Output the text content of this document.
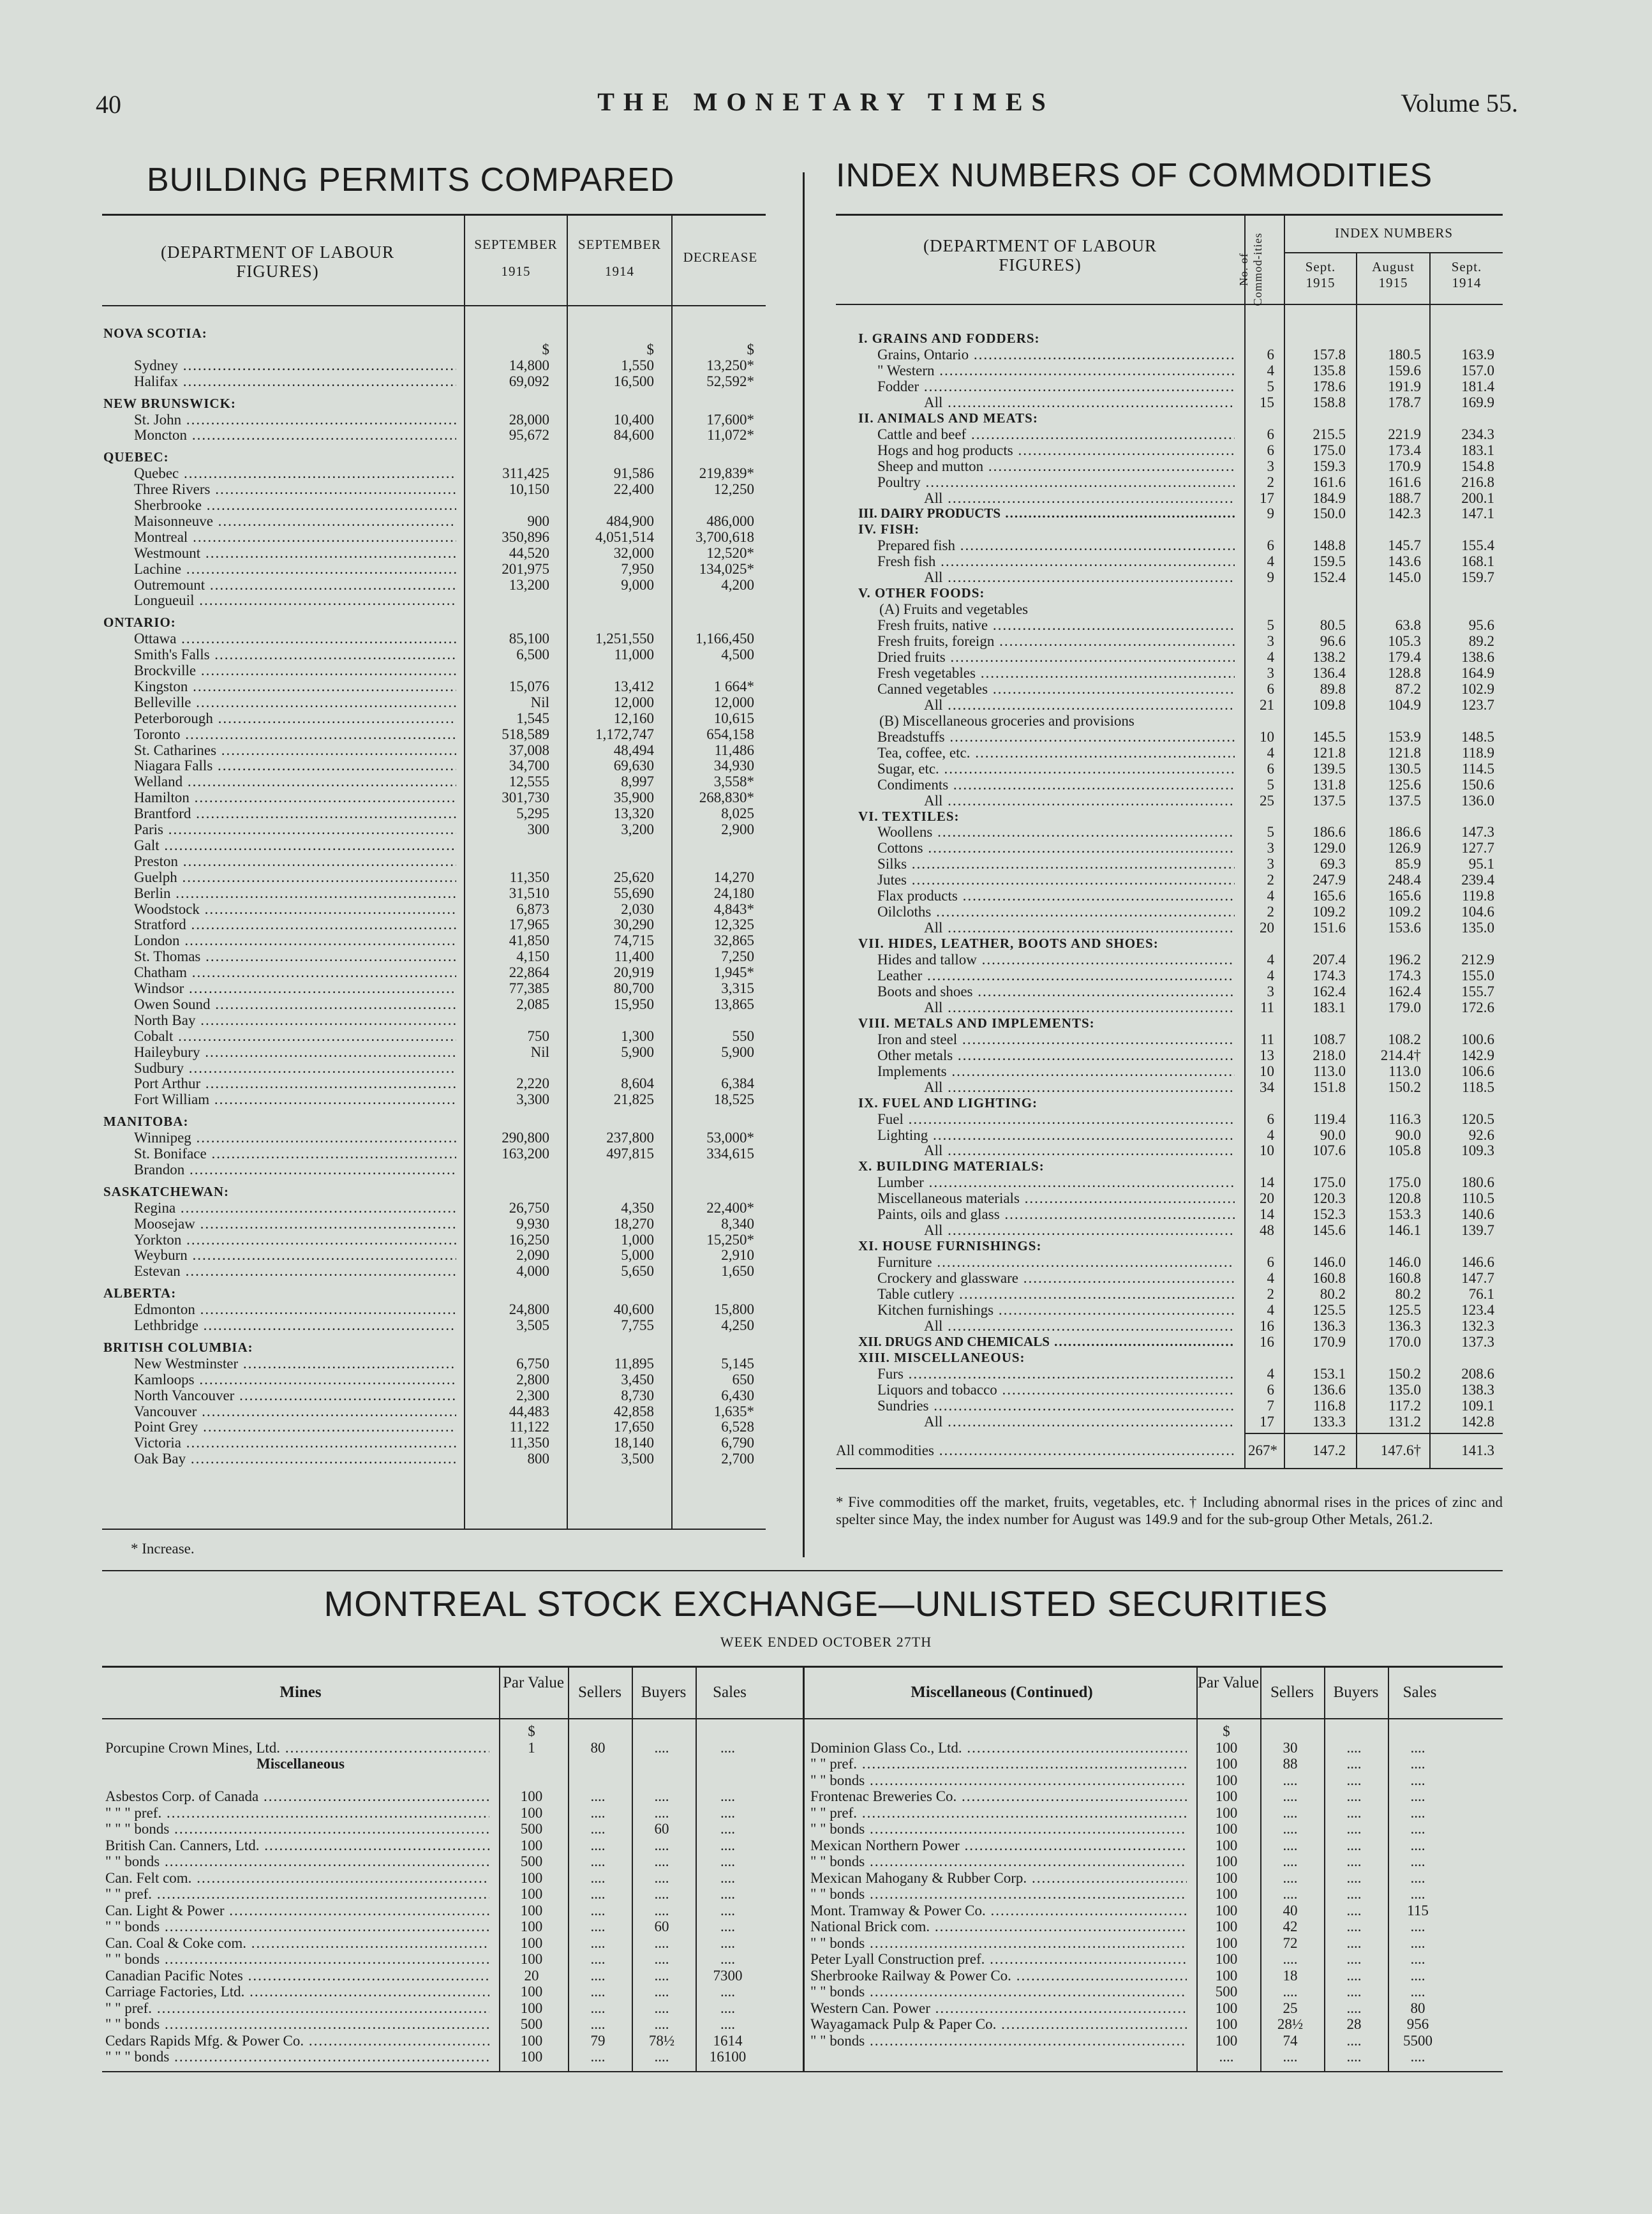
40	THE MONETARY TIMES	Volume 55.
BUILDING PERMITS COMPARED	INDEX NUMBERS OF COMMODITIES
(DEPARTMENT OF LABOUR FIGURES)
SEPTEMBER
1915
SEPTEMBER
1914
DECREASE
NOVA SCOTIA:
$	$	$
Sydney .....	14,800	1,550	13,250*
Halifax .....	69,092	16,500	52,592*
NEW BRUNSWICK:
St. John .....	28,000	10,400	17,600*
Moncton .....	95,672	84,600	11,072*
QUEBEC:
Quebec .....	311,425	91,586	219,839*
Three Rivers .....	10,150	22,400	12,250
Sherbrooke .....
Maisonneuve .....	900	484,900	486,000
Montreal .....	350,896	4,051,514	3,700,618
Westmount .....	44,520	32,000	12,520*
Lachine .....	201,975	7,950	134,025*
Outremount .....	13,200	9,000	4,200
Longueuil .....
ONTARIO:
Ottawa .....	85,100	1,251,550	1,166,450
Smith's Falls .....	6,500	11,000	4,500
Brockville .....
Kingston .....	15,076	13,412	1 664*
Belleville .....	Nil	12,000	12,000
Peterborough .....	1,545	12,160	10,615
Toronto .....	518,589	1,172,747	654,158
St. Catharines .....	37,008	48,494	11,486
Niagara Falls .....	34,700	69,630	34,930
Welland .....	12,555	8,997	3,558*
Hamilton .....	301,730	35,900	268,830*
Brantford .....	5,295	13,320	8,025
Paris .....	300	3,200	2,900
Galt .....
Preston .....
Guelph .....	11,350	25,620	14,270
Berlin .....	31,510	55,690	24,180
Woodstock .....	6,873	2,030	4,843*
Stratford .....	17,965	30,290	12,325
London .....	41,850	74,715	32,865
St. Thomas .....	4,150	11,400	7,250
Chatham .....	22,864	20,919	1,945*
Windsor .....	77,385	80,700	3,315
Owen Sound .....	2,085	15,950	13,865
North Bay .....
Cobalt .....	750	1,300	550
Haileybury .....	Nil	5,900	5,900
Sudbury .....
Port Arthur .....	2,220	8,604	6,384
Fort William .....	3,300	21,825	18,525
MANITOBA:
Winnipeg .....	290,800	237,800	53,000*
St. Boniface .....	163,200	497,815	334,615
Brandon .....
SASKATCHEWAN:
Regina .....	26,750	4,350	22,400*
Moosejaw .....	9,930	18,270	8,340
Yorkton .....	16,250	1,000	15,250*
Weyburn .....	2,090	5,000	2,910
Estevan .....	4,000	5,650	1,650
ALBERTA:
Edmonton .....	24,800	40,600	15,800
Lethbridge .....	3,505	7,755	4,250
BRITISH COLUMBIA:
New Westminster .....	6,750	11,895	5,145
Kamloops .....	2,800	3,450	650
North Vancouver .....	2,300	8,730	6,430
Vancouver .....	44,483	42,858	1,635*
Point Grey .....	11,122	17,650	6,528
Victoria .....	11,350	18,140	6,790
Oak Bay .....	800	3,500	2,700
* Increase.
(DEPARTMENT OF LABOUR FIGURES)	No. of Commod-ities	INDEX NUMBERS
Sept.
1915
August
1915
Sept.
1914
I. GRAINS AND FODDERS:
Grains, Ontario .....	6	157.8	180.5	163.9
" Western .....	4	135.8	159.6	157.0
Fodder .....	5	178.6	191.9	181.4
All .....	15	158.8	178.7	169.9
II. ANIMALS AND MEATS:
Cattle and beef .....	6	215.5	221.9	234.3
Hogs and hog products .....	6	175.0	173.4	183.1
Sheep and mutton .....	3	159.3	170.9	154.8
Poultry .....	2	161.6	161.6	216.8
All .....	17	184.9	188.7	200.1
III. DAIRY PRODUCTS .....	9	150.0	142.3	147.1
IV. FISH:
Prepared fish .....	6	148.8	145.7	155.4
Fresh fish .....	4	159.5	143.6	168.1
All .....	9	152.4	145.0	159.7
V. OTHER FOODS:
(A) Fruits and vegetables
Fresh fruits, native .....	5	80.5	63.8	95.6
Fresh fruits, foreign .....	3	96.6	105.3	89.2
Dried fruits .....	4	138.2	179.4	138.6
Fresh vegetables .....	3	136.4	128.8	164.9
Canned vegetables .....	6	89.8	87.2	102.9
All .....	21	109.8	104.9	123.7
(B) Miscellaneous groceries and provisions
Breadstuffs .....	10	145.5	153.9	148.5
Tea, coffee, etc. .....	4	121.8	121.8	118.9
Sugar, etc. .....	6	139.5	130.5	114.5
Condiments .....	5	131.8	125.6	150.6
All .....	25	137.5	137.5	136.0
VI. TEXTILES:
Woollens .....	5	186.6	186.6	147.3
Cottons .....	3	129.0	126.9	127.7
Silks .....	3	69.3	85.9	95.1
Jutes .....	2	247.9	248.4	239.4
Flax products .....	4	165.6	165.6	119.8
Oilcloths .....	2	109.2	109.2	104.6
All .....	20	151.6	153.6	135.0
VII. HIDES, LEATHER, BOOTS AND SHOES:
Hides and tallow .....	4	207.4	196.2	212.9
Leather .....	4	174.3	174.3	155.0
Boots and shoes .....	3	162.4	162.4	155.7
All .....	11	183.1	179.0	172.6
VIII. METALS AND IMPLEMENTS:
Iron and steel .....	11	108.7	108.2	100.6
Other metals .....	13	218.0	214.4†	142.9
Implements .....	10	113.0	113.0	106.6
All .....	34	151.8	150.2	118.5
IX. FUEL AND LIGHTING:
Fuel .....	6	119.4	116.3	120.5
Lighting .....	4	90.0	90.0	92.6
All .....	10	107.6	105.8	109.3
X. BUILDING MATERIALS:
Lumber .....	14	175.0	175.0	180.6
Miscellaneous materials .....	20	120.3	120.8	110.5
Paints, oils and glass .....	14	152.3	153.3	140.6
All .....	48	145.6	146.1	139.7
XI. HOUSE FURNISHINGS:
Furniture .....	6	146.0	146.0	146.6
Crockery and glassware .....	4	160.8	160.8	147.7
Table cutlery .....	2	80.2	80.2	76.1
Kitchen furnishings .....	4	125.5	125.5	123.4
All .....	16	136.3	136.3	132.3
XII. DRUGS AND CHEMICALS .....	16	170.9	170.0	137.3
XIII. MISCELLANEOUS:
Furs .....	4	153.1	150.2	208.6
Liquors and tobacco .....	6	136.6	135.0	138.3
Sundries .....	7	116.8	117.2	109.1
All .....	17	133.3	131.2	142.8
All commodities .....	267*	147.2	147.6†	141.3
* Five commodities off the market, fruits, vegetables, etc. † Including abnormal rises in the prices of zinc and spelter since May, the index number for August was 149.9 and for the sub-group Other Metals, 261.2.
MONTREAL STOCK EXCHANGE—UNLISTED SECURITIES
WEEK ENDED OCTOBER 27TH
Mines
Par Value
Sellers	Buyers	Sales
$
Porcupine Crown Mines, Ltd. .....	1	80	....	....
Miscellaneous
Asbestos Corp. of Canada .....	100	....	....	....
" " " pref. .....	100	....	....	....
" " " bonds .....	500	....	60	....
British Can. Canners, Ltd. .....	100	....	....	....
" " bonds .....	500	....	....	....
Can. Felt com. .....	100	....	....	....
" " pref. .....	100	....	....	....
Can. Light & Power .....	100	....	....	....
" " bonds .....	100	....	60	....
Can. Coal & Coke com. .....	100	....	....	....
" " bonds .....	100	....	....	....
Canadian Pacific Notes .....	20	....	....	7300
Carriage Factories, Ltd. .....	100	....	....	....
" " pref. .....	100	....	....	....
" " bonds .....	500	....	....	....
Cedars Rapids Mfg. & Power Co. .....	100	79	78½	1614
" " " bonds .....	100	....	....	16100
Miscellaneous (Continued)
Par Value
Sellers	Buyers	Sales
$
Dominion Glass Co., Ltd. .....	100	30	....	....
" " pref. .....	100	88	....	....
" " bonds .....	100	....	....	....
Frontenac Breweries Co. .....	100	....	....	....
" " pref. .....	100	....	....	....
" " bonds .....	100	....	....	....
Mexican Northern Power .....	100	....	....	....
" " bonds .....	100	....	....	....
Mexican Mahogany & Rubber Corp. .....	100	....	....	....
" " bonds .....	100	....	....	....
Mont. Tramway & Power Co. .....	100	40	....	115
National Brick com. .....	100	42	....	....
" " bonds .....	100	72	....	....
Peter Lyall Construction pref. .....	100	....	....	....
Sherbrooke Railway & Power Co. .....	100	18	....	....
" " bonds .....	500	....	....	....
Western Can. Power .....	100	25	....	80
Wayagamack Pulp & Paper Co. .....	100	28½	28	956
" " bonds .....	100	74	....	5500
....	....	....	....
